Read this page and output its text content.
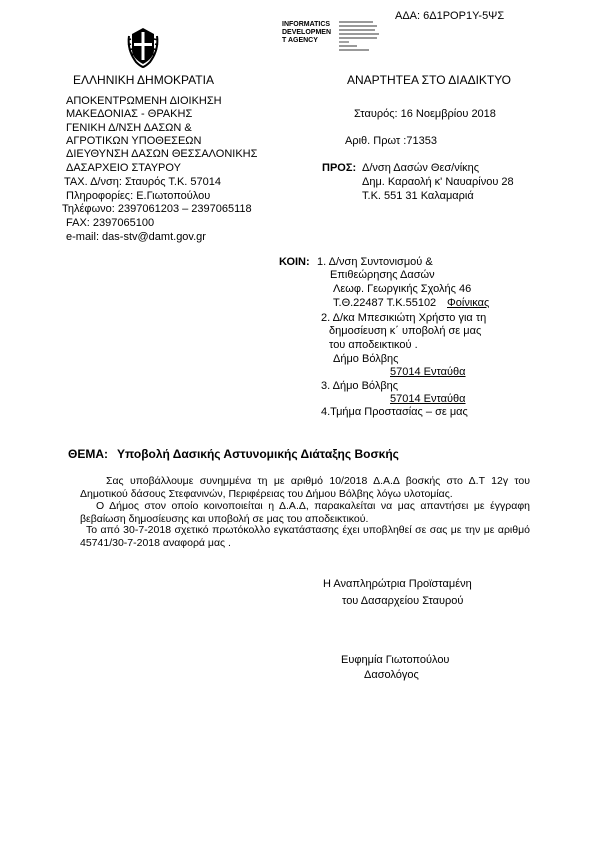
ΑΔΑ: 6Δ1ΡΟΡ1Υ-5ΨΣ
INFORMATICS
DEVELOPMEN
T AGENCY
ΕΛΛΗΝΙΚΗ ΔΗΜΟΚΡΑΤΙΑ	ΑΝΑΡΤΗΤΕΑ ΣΤΟ ΔΙΑΔΙΚΤΥΟ
ΑΠΟΚΕΝΤΡΩΜΕΝΗ ΔΙΟΙΚΗΣΗ
ΜΑΚΕΔΟΝΙΑΣ - ΘΡΑΚΗΣ
ΓΕΝΙΚΗ Δ/ΝΣΗ ΔΑΣΩΝ &
ΑΓΡΟΤΙΚΩΝ ΥΠΟΘΕΣΕΩΝ
ΔΙΕΥΘΥΝΣΗ ΔΑΣΩΝ ΘΕΣΣΑΛΟΝΙΚΗΣ
ΔΑΣΑΡΧΕΙΟ ΣΤΑΥΡΟΥ
ΤΑΧ. Δ/νση: Σταυρός Τ.Κ. 57014
Πληροφορίες: Ε.Γιωτοπούλου
Τηλέφωνο: 2397061203 – 2397065118
FAX: 2397065100
e-mail: das-stv@damt.gov.gr
Σταυρός: 16 Νοεμβρίου 2018
Αριθ. Πρωτ :71353
ΠΡΟΣ: Δ/νση Δασών Θεσ/νίκης
Δημ. Καραολή κ' Ναυαρίνου 28
Τ.Κ. 551 31 Καλαμαριά
ΚΟΙΝ: 1. Δ/νση Συντονισμού &
Επιθεώρησης Δασών
Λεωφ. Γεωργικής Σχολής 46
Τ.Θ.22487 Τ.Κ.55102 Φοίνικας
2. Δ/κα Μπεσικιώτη Χρήστο για τη
δημοσίευση κ΄ υποβολή σε μας
του αποδεικτικού .
Δήμο Βόλβης
57014 Ενταύθα
3. Δήμο Βόλβης
57014 Ενταύθα
4.Τμήμα Προστασίας – σε μας
ΘΕΜΑ: Υποβολή Δασικής Αστυνομικής Διάταξης Βοσκής
Σας υποβάλλουμε συνημμένα τη με αριθμό 10/2018 Δ.Α.Δ βοσκής στο Δ.Τ 12γ του Δημοτικού δάσους Στεφανινών, Περιφέρειας του Δήμου Βόλβης λόγω υλοτομίας.
Ο Δήμος στον οποίο κοινοποιείται η Δ.Α.Δ, παρακαλείται να μας απαντήσει με έγγραφη βεβαίωση δημοσίευσης και υποβολή σε μας του αποδεικτικού.
Το από 30-7-2018 σχετικό πρωτόκολλο εγκατάστασης έχει υποβληθεί σε σας με την με αριθμό 45741/30-7-2018 αναφορά μας .
Η Αναπληρώτρια Προϊσταμένη
του Δασαρχείου Σταυρού
Ευφημία Γιωτοπούλου
Δασολόγος
